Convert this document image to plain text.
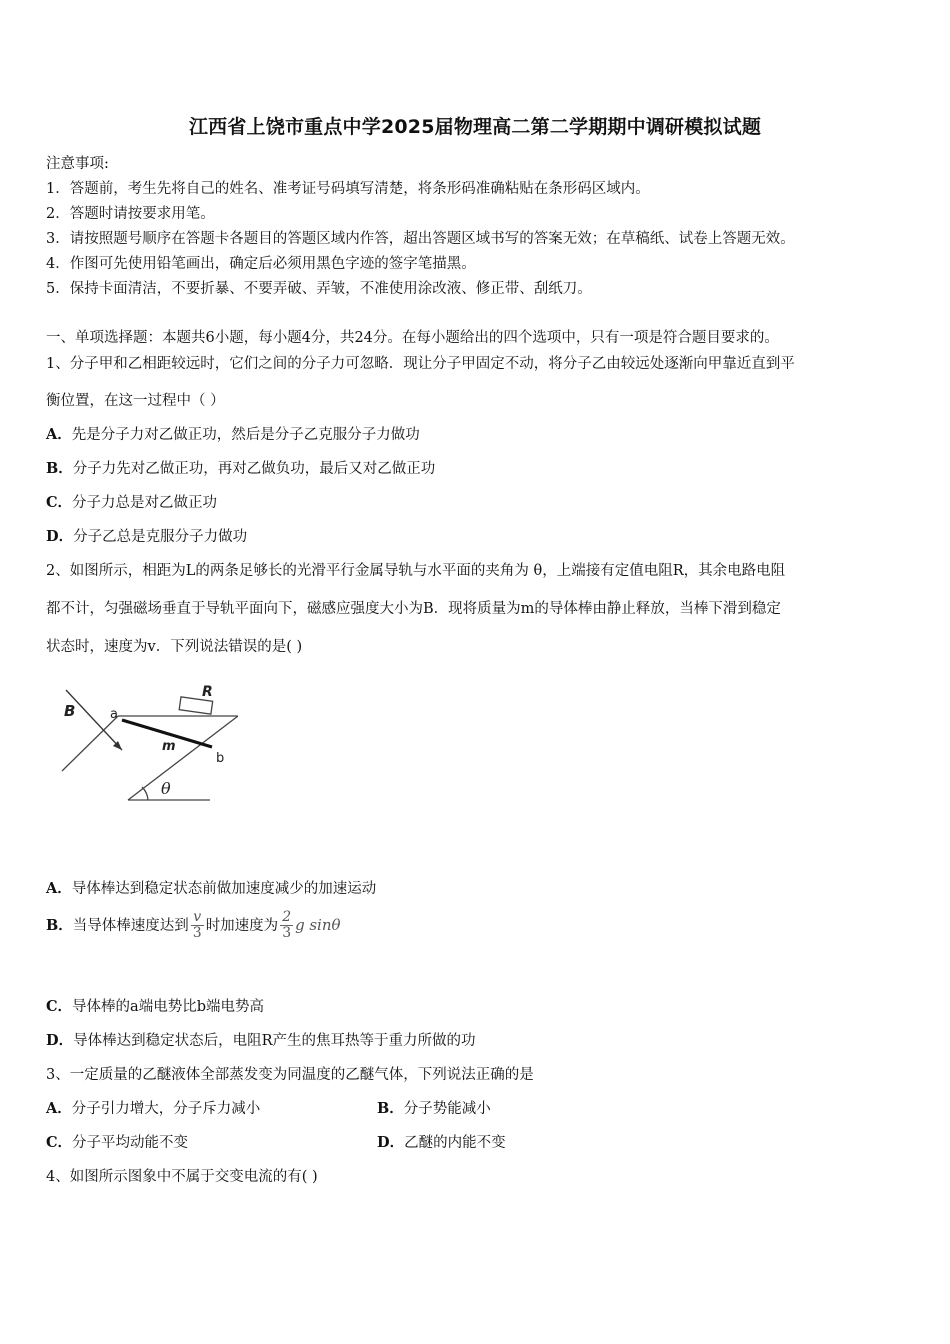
江西省上饶市重点中学2025届物理高二第二学期期中调研模拟试题
注意事项:
1．答题前，考生先将自己的姓名、准考证号码填写清楚，将条形码准确粘贴在条形码区域内。
2．答题时请按要求用笔。
3．请按照题号顺序在答题卡各题目的答题区域内作答，超出答题区域书写的答案无效；在草稿纸、试卷上答题无效。
4．作图可先使用铅笔画出，确定后必须用黑色字迹的签字笔描黑。
5．保持卡面清洁，不要折暴、不要弄破、弄皱，不准使用涂改液、修正带、刮纸刀。
一、单项选择题：本题共6小题，每小题4分，共24分。在每小题给出的四个选项中，只有一项是符合题目要求的。
1、分子甲和乙相距较远时，它们之间的分子力可忽略．现让分子甲固定不动，将分子乙由较远处逐渐向甲靠近直到平
衡位置，在这一过程中（ ）
A．先是分子力对乙做正功，然后是分子乙克服分子力做功
B．分子力先对乙做正功，再对乙做负功，最后又对乙做正功
C．分子力总是对乙做正功
D．分子乙总是克服分子力做功
2、如图所示，相距为L的两条足够长的光滑平行金属导轨与水平面的夹角为 θ，上端接有定值电阻R，其余电路电阻
都不计，匀强磁场垂直于导轨平面向下，磁感应强度大小为B．现将质量为m的导体棒由静止释放，当棒下滑到稳定
状态时，速度为v．下列说法错误的是( )
R
B	a
m
b
θ
A．导体棒达到稳定状态前做加速度减少的加速运动
B．当导体棒速度达到 $\frac{v}{3}$ 时加速度为 $\frac{2}{3}$ g sinθ
C．导体棒的a端电势比b端电势高
D．导体棒达到稳定状态后，电阻R产生的焦耳热等于重力所做的功
3、一定质量的乙醚液体全部蒸发变为同温度的乙醚气体，下列说法正确的是
A．分子引力增大，分子斥力减小	B．分子势能减小
C．分子平均动能不变	D．乙醚的内能不变
4、如图所示图象中不属于交变电流的有( )
